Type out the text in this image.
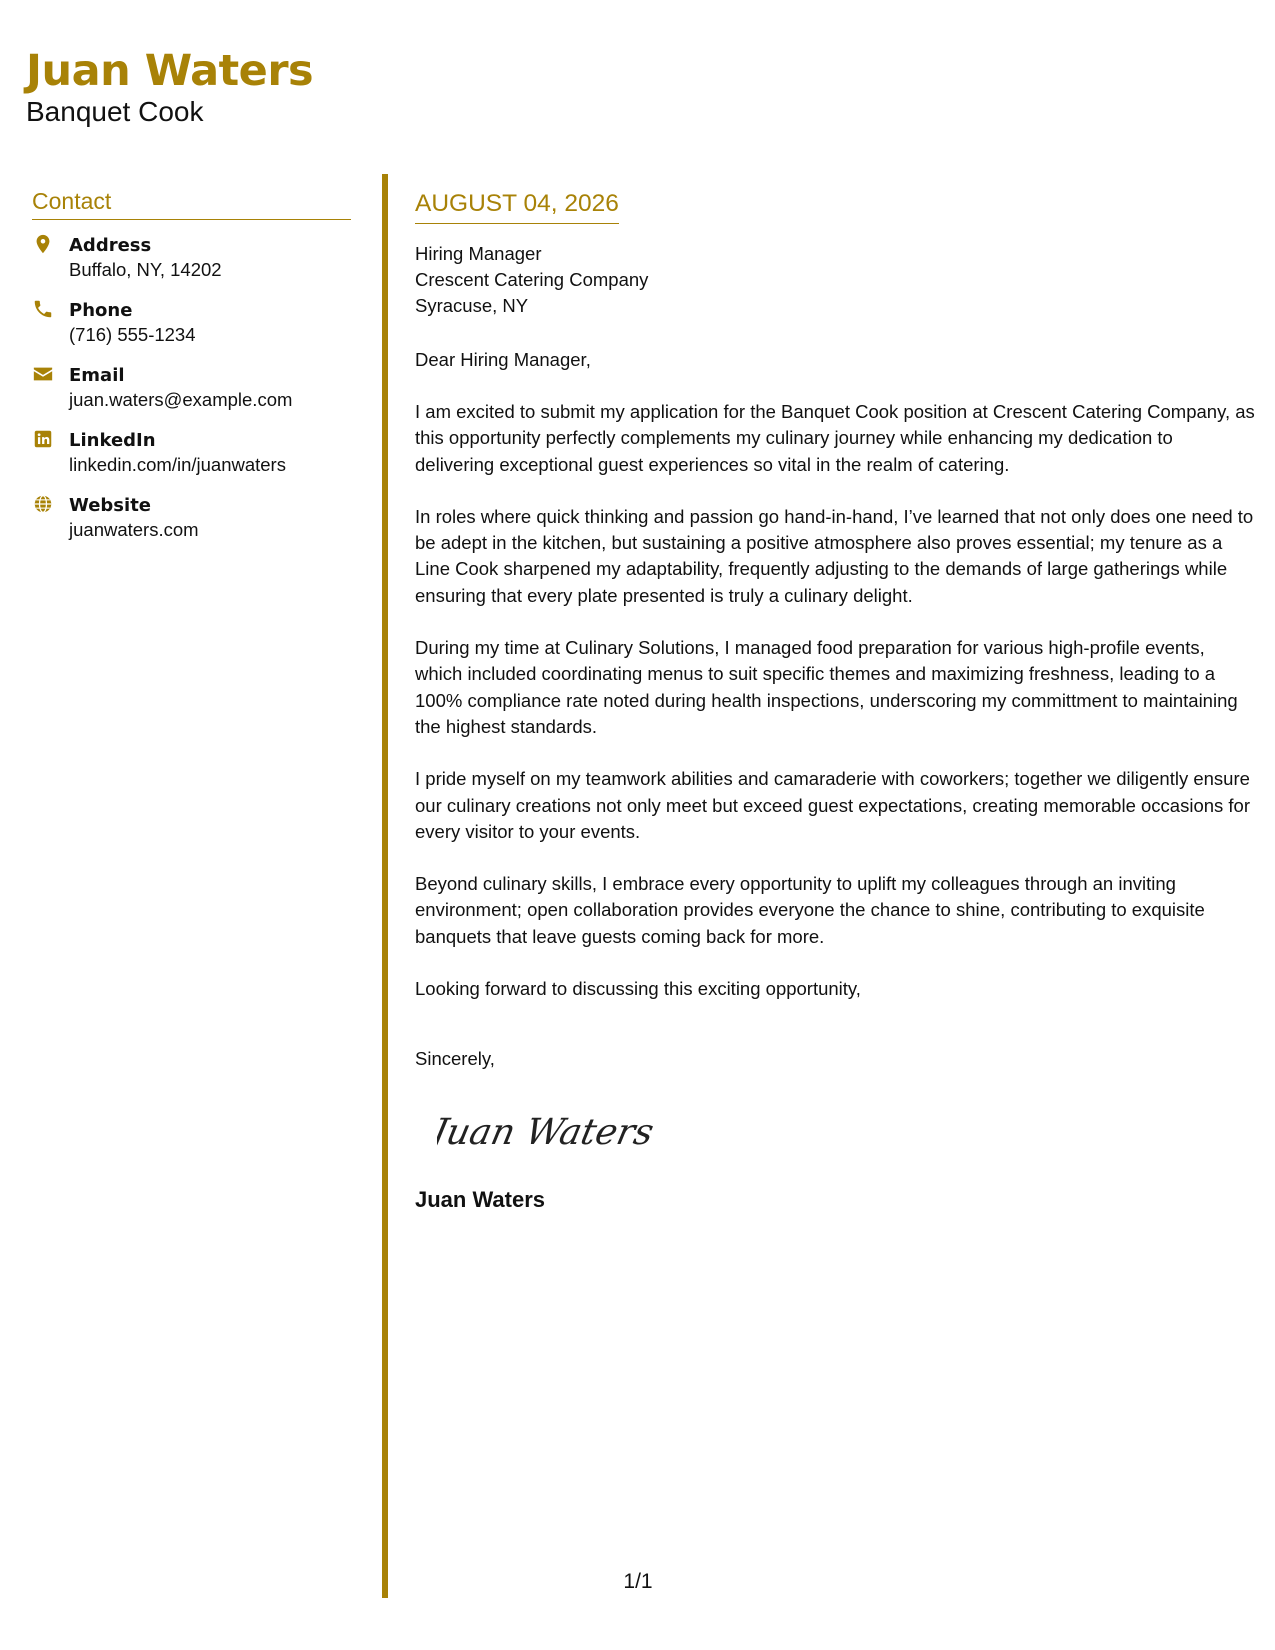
Juan Waters
Banquet Cook
Contact
Address
Buffalo, NY, 14202
Phone
(716) 555-1234
Email
juan.waters@example.com
LinkedIn
linkedin.com/in/juanwaters
Website
juanwaters.com
AUGUST 04, 2026
Hiring Manager
Crescent Catering Company
Syracuse, NY
Dear Hiring Manager,
I am excited to submit my application for the Banquet Cook position at Crescent Catering Company, as this opportunity perfectly complements my culinary journey while enhancing my dedication to delivering exceptional guest experiences so vital in the realm of catering.
In roles where quick thinking and passion go hand-in-hand, I’ve learned that not only does one need to be adept in the kitchen, but sustaining a positive atmosphere also proves essential; my tenure as a Line Cook sharpened my adaptability, frequently adjusting to the demands of large gatherings while ensuring that every plate presented is truly a culinary delight.
During my time at Culinary Solutions, I managed food preparation for various high-profile events, which included coordinating menus to suit specific themes and maximizing freshness, leading to a 100% compliance rate noted during health inspections, underscoring my committment to maintaining the highest standards.
I pride myself on my teamwork abilities and camaraderie with coworkers; together we diligently ensure our culinary creations not only meet but exceed guest expectations, creating memorable occasions for every visitor to your events.
Beyond culinary skills, I embrace every opportunity to uplift my colleagues through an inviting environment; open collaboration provides everyone the chance to shine, contributing to exquisite banquets that leave guests coming back for more.
Looking forward to discussing this exciting opportunity,
Sincerely,
Juan Waters
Juan Waters
1/1
